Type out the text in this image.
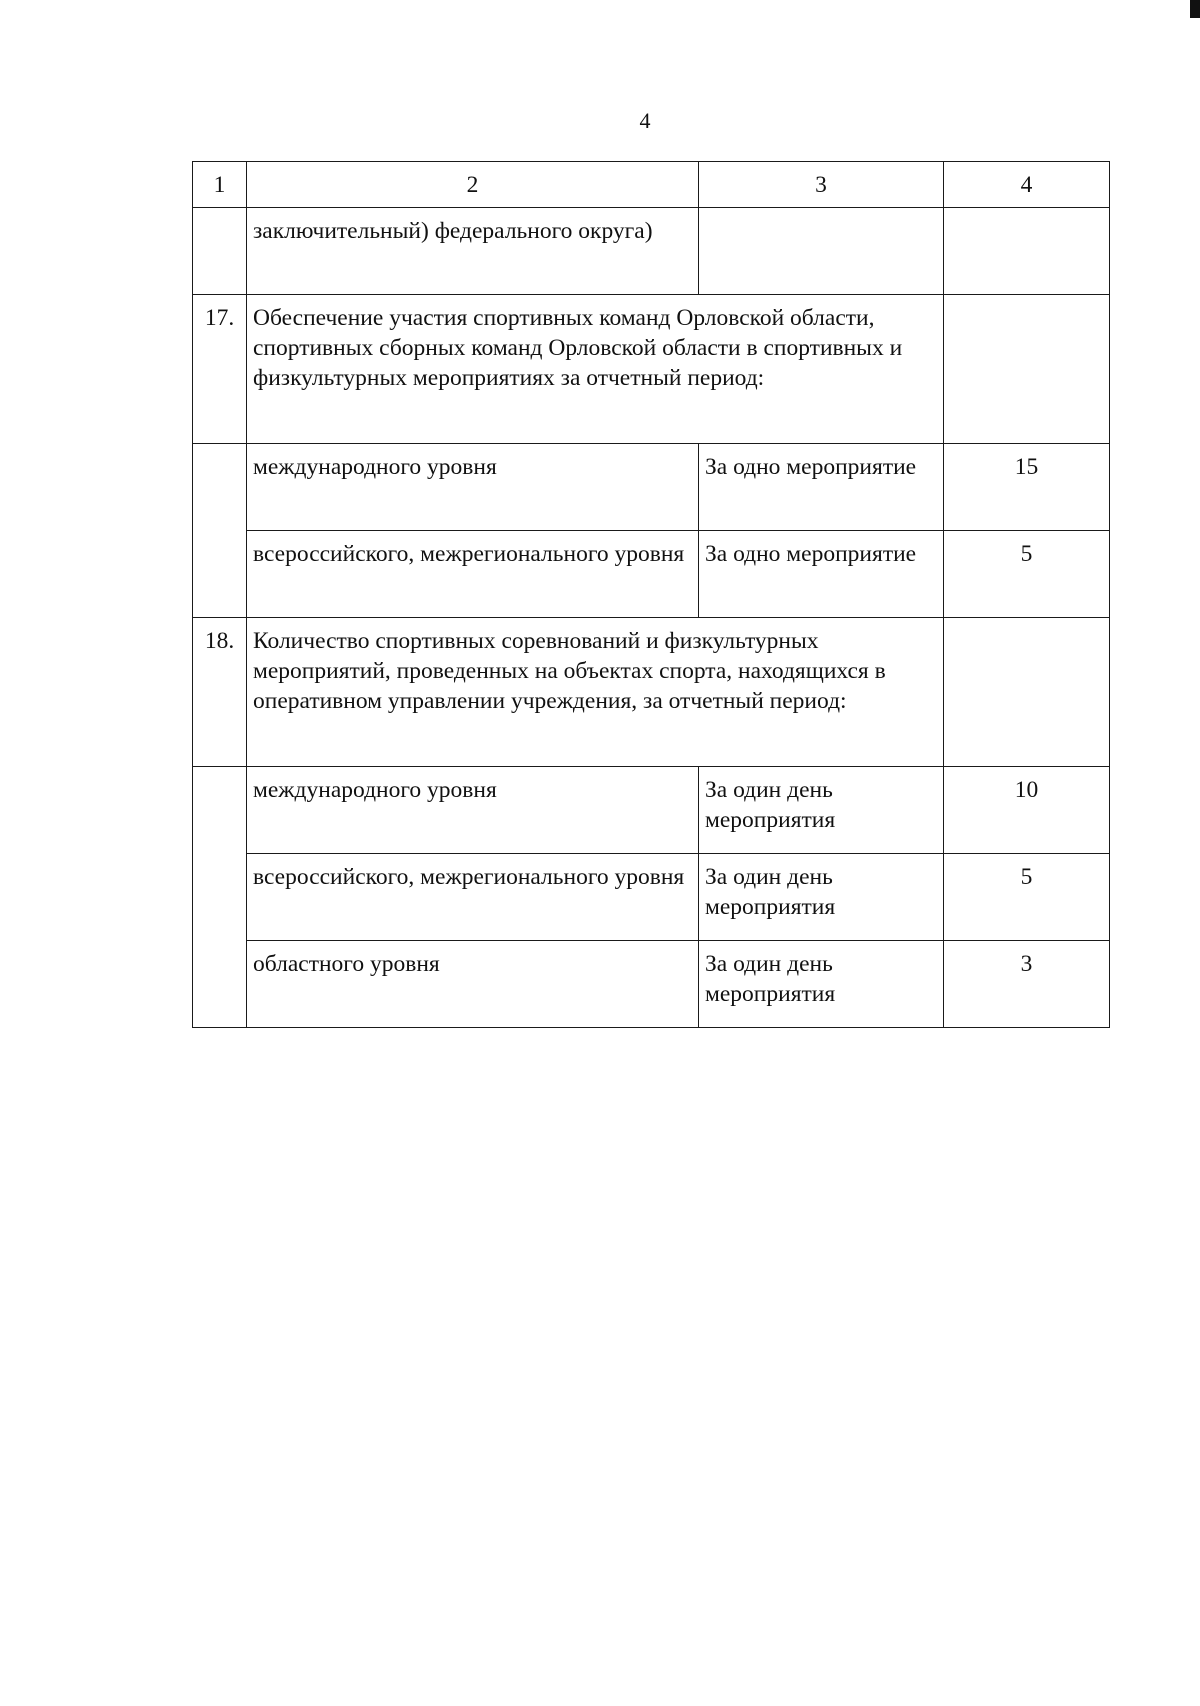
4
1	2	3	4
	заключительный) федерального округа)		
17.	Обеспечение участия спортивных команд Орловской области, спортивных сборных команд Орловской области в спортивных и физкультурных мероприятиях за отчетный период:		
	международного уровня	За одно мероприятие	15
	всероссийского, межрегионального уровня	За одно мероприятие	5
18.	Количество спортивных соревнований и физкультурных мероприятий, проведенных на объектах спорта, находящихся в оперативном управлении учреждения, за отчетный период:		
	международного уровня	За один день мероприятия	10
	всероссийского, межрегионального уровня	За один день мероприятия	5
	областного уровня	За один день мероприятия	3
